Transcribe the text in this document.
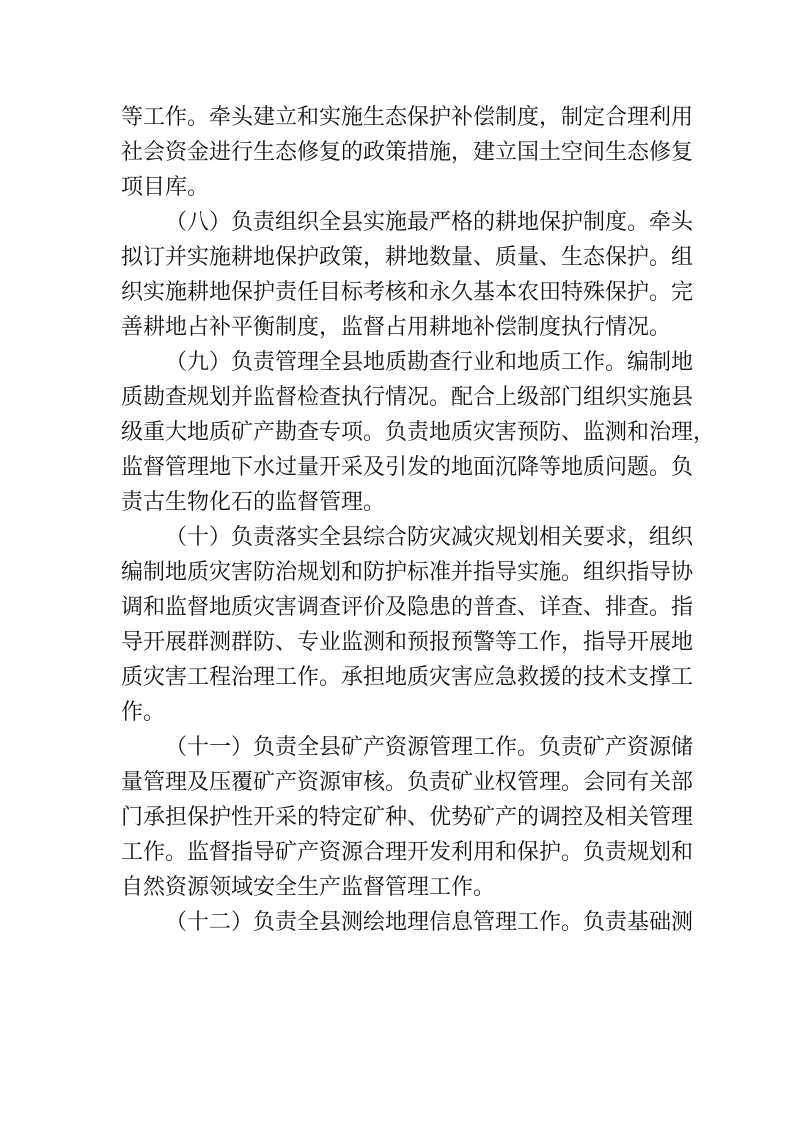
等工作。牵头建立和实施生态保护补偿制度，制定合理利用
社会资金进行生态修复的政策措施，建立国土空间生态修复
项目库。
（八）负责组织全县实施最严格的耕地保护制度。牵头
拟订并实施耕地保护政策，耕地数量、质量、生态保护。组
织实施耕地保护责任目标考核和永久基本农田特殊保护。完
善耕地占补平衡制度，监督占用耕地补偿制度执行情况。
（九）负责管理全县地质勘查行业和地质工作。编制地
质勘查规划并监督检查执行情况。配合上级部门组织实施县
级重大地质矿产勘查专项。负责地质灾害预防、监测和治理，
监督管理地下水过量开采及引发的地面沉降等地质问题。负
责古生物化石的监督管理。
（十）负责落实全县综合防灾减灾规划相关要求，组织
编制地质灾害防治规划和防护标准并指导实施。组织指导协
调和监督地质灾害调查评价及隐患的普查、详查、排查。指
导开展群测群防、专业监测和预报预警等工作，指导开展地
质灾害工程治理工作。承担地质灾害应急救援的技术支撑工
作。
（十一）负责全县矿产资源管理工作。负责矿产资源储
量管理及压覆矿产资源审核。负责矿业权管理。会同有关部
门承担保护性开采的特定矿种、优势矿产的调控及相关管理
工作。监督指导矿产资源合理开发利用和保护。负责规划和
自然资源领域安全生产监督管理工作。
（十二）负责全县测绘地理信息管理工作。负责基础测
